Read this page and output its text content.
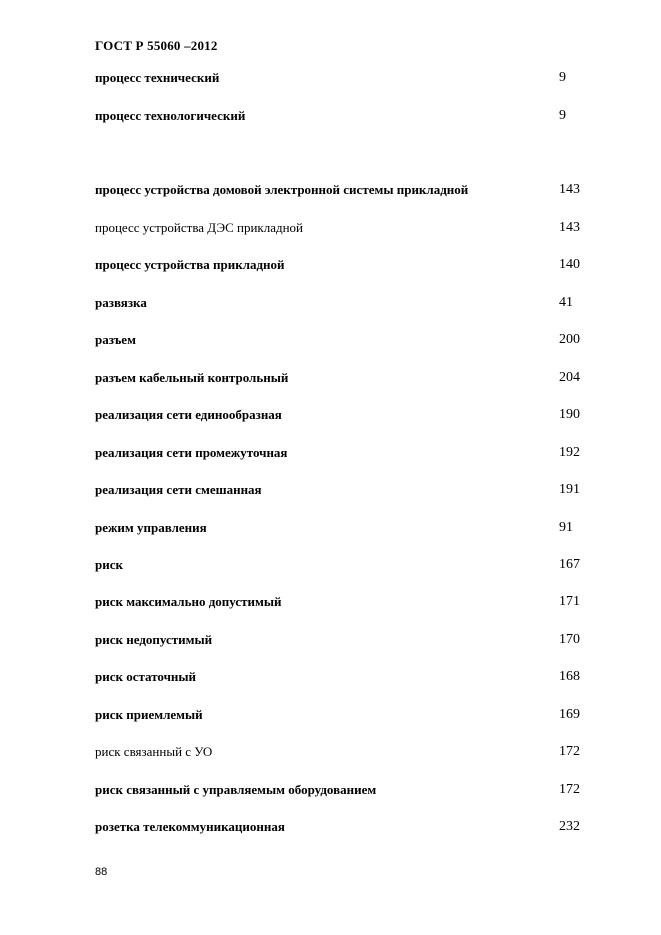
ГОСТ Р 55060 –2012
процесс технический	9
процесс технологический	9
процесс устройства домовой электронной системы прикладной	143
процесс устройства ДЭС прикладной	143
процесс устройства прикладной	140
развязка	41
разъем	200
разъем кабельный контрольный	204
реализация сети единообразная	190
реализация сети промежуточная	192
реализация сети смешанная	191
режим управления	91
риск	167
риск максимально допустимый	171
риск недопустимый	170
риск остаточный	168
риск приемлемый	169
риск связанный с УО	172
риск связанный с управляемым оборудованием	172
розетка телекоммуникационная	232
88
